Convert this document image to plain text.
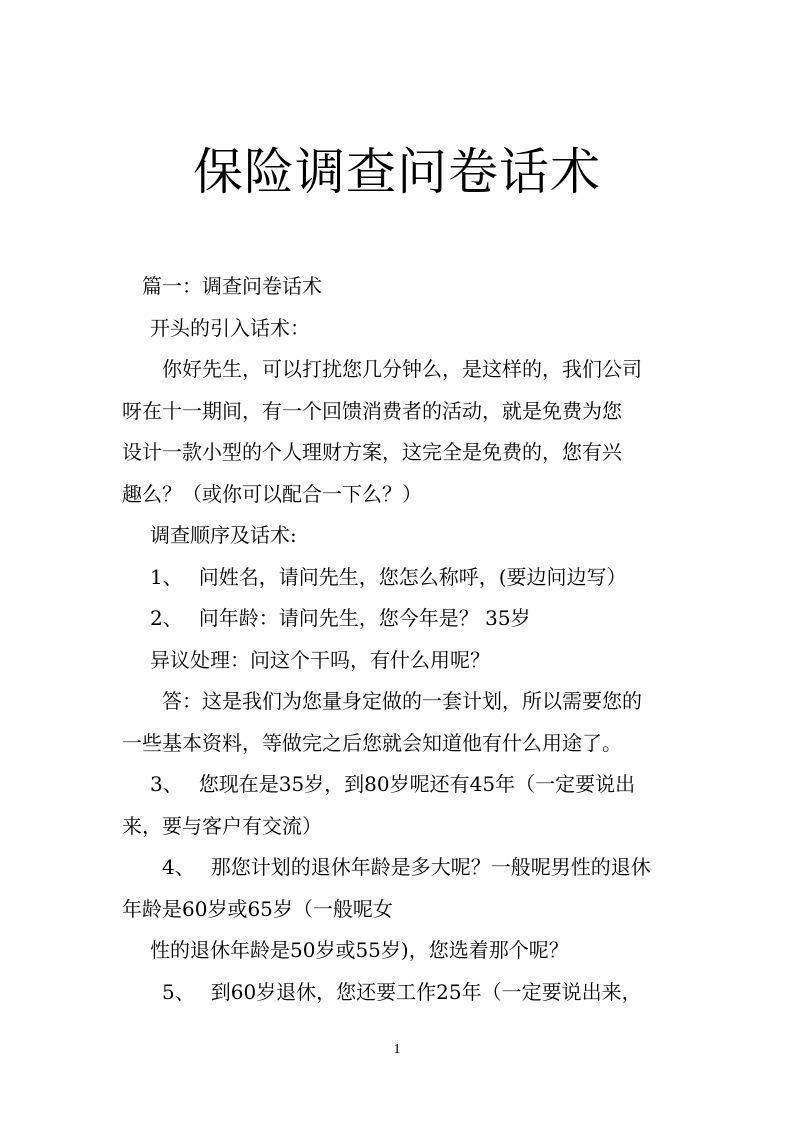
保险调查问卷话术

篇一：调查问卷话术

开头的引入话术：

你好先生，可以打扰您几分钟么，是这样的，我们公司

呀在十一期间，有一个回馈消费者的活动，就是免费为您

设计一款小型的个人理财方案，这完全是免费的，您有兴

趣么？（或你可以配合一下么？）

调查顺序及话术:

1、 问姓名，请问先生，您怎么称呼，(要边问边写）

2、 问年龄：请问先生，您今年是？ 35岁

异议处理：问这个干吗，有什么用呢？

答：这是我们为您量身定做的一套计划，所以需要您的

一些基本资料，等做完之后您就会知道他有什么用途了。

3、 您现在是35岁，到80岁呢还有45年（一定要说出

来，要与客户有交流）

4、 那您计划的退休年龄是多大呢？一般呢男性的退休

年龄是60岁或65岁（一般呢女

性的退休年龄是50岁或55岁)，您选着那个呢？

5、 到60岁退休，您还要工作25年（一定要说出来，

1
